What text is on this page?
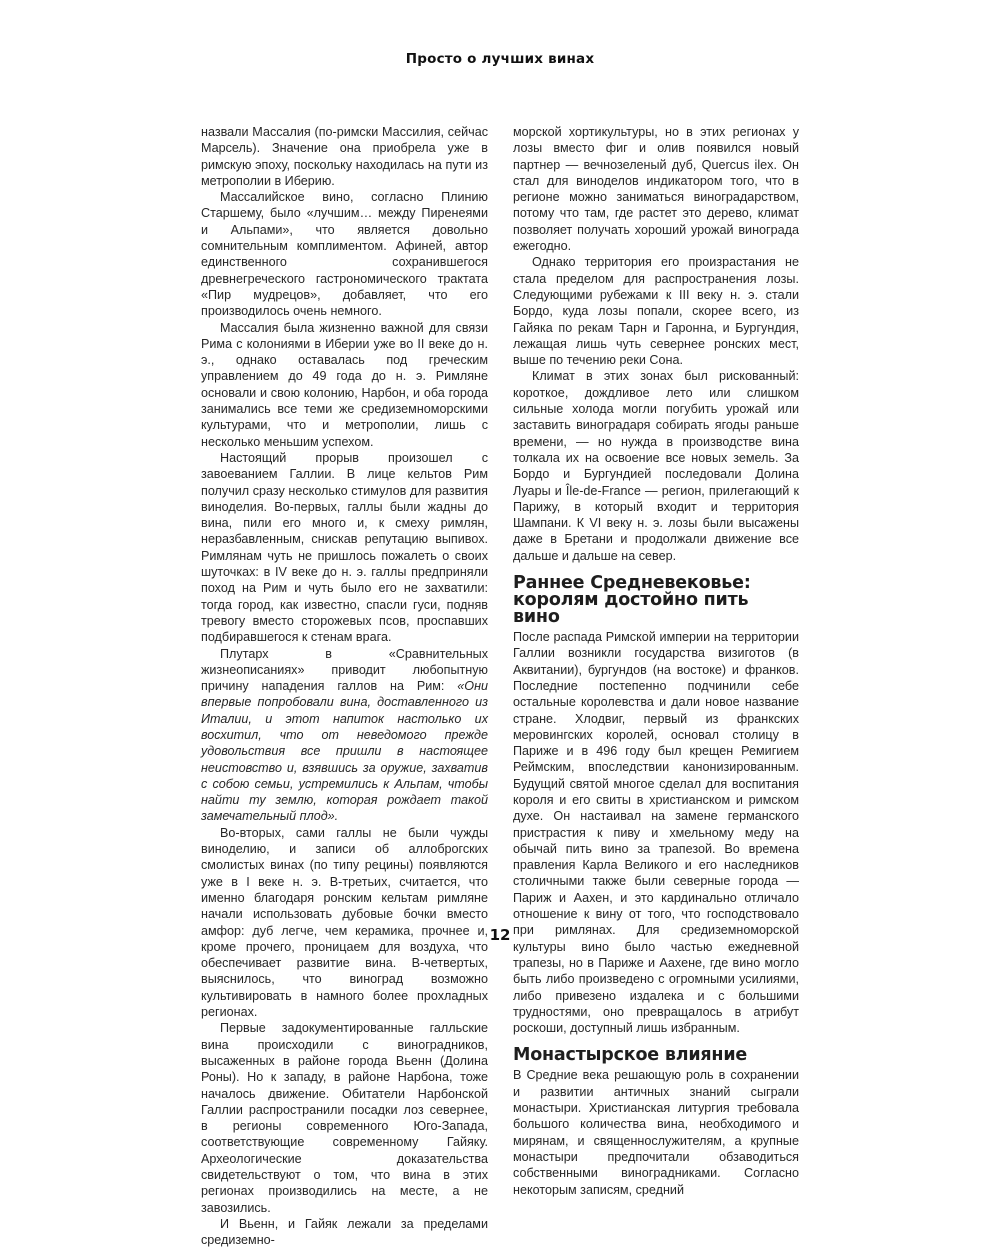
Просто о лучших винах

назвали Массалия (по-римски Массилия, сейчас Марсель). Значение она приобрела уже в римскую эпоху, поскольку находилась на пути из метрополии в Иберию.

Массалийское вино, согласно Плинию Старшему, было «лучшим… между Пиренеями и Альпами», что является довольно сомнительным комплиментом. Афиней, автор единственного сохранившегося древнегреческого гастрономического трактата «Пир мудрецов», добавляет, что его производилось очень немного.

Массалия была жизненно важной для связи Рима с колониями в Иберии уже во II веке до н. э., однако оставалась под греческим управлением до 49 года до н. э. Римляне основали и свою колонию, Нарбон, и оба города занимались все теми же средиземноморскими культурами, что и метрополии, лишь с несколько меньшим успехом.

Настоящий прорыв произошел с завоеванием Галлии. В лице кельтов Рим получил сразу несколько стимулов для развития виноделия. Во-первых, галлы были жадны до вина, пили его много и, к смеху римлян, неразбавленным, снискав репутацию выпивох. Римлянам чуть не пришлось пожалеть о своих шуточках: в IV веке до н. э. галлы предприняли поход на Рим и чуть было его не захватили: тогда город, как известно, спасли гуси, подняв тревогу вместо сторожевых псов, проспавших подбиравшегося к стенам врага.

Плутарх в «Сравнительных жизнеописаниях» приводит любопытную причину нападения галлов на Рим: «Они впервые попробовали вина, доставленного из Италии, и этот напиток настолько их восхитил, что от неведомого прежде удовольствия все пришли в настоящее неистовство и, взявшись за оружие, захватив с собою семьи, устремились к Альпам, чтобы найти ту землю, которая рождает такой замечательный плод».

Во-вторых, сами галлы не были чужды виноделию, и записи об аллоброгских смолистых винах (по типу рецины) появляются уже в I веке н. э. В-третьих, считается, что именно благодаря ронским кельтам римляне начали использовать дубовые бочки вместо амфор: дуб легче, чем керамика, прочнее и, кроме прочего, проницаем для воздуха, что обеспечивает развитие вина. В-четвертых, выяснилось, что виноград возможно культивировать в намного более прохладных регионах.

Первые задокументированные галльские вина происходили с виноградников, высаженных в районе города Вьенн (Долина Роны). Но к западу, в районе Нарбона, тоже началось движение. Обитатели Нарбонской Галлии распространили посадки лоз севернее, в регионы современного Юго-Запада, соответствующие современному Гайяку. Археологические доказательства свидетельствуют о том, что вина в этих регионах производились на месте, а не завозились.

И Вьенн, и Гайяк лежали за пределами средиземно-

морской хортикультуры, но в этих регионах у лозы вместо фиг и олив появился новый партнер — вечнозеленый дуб, Quercus ilex. Он стал для виноделов индикатором того, что в регионе можно заниматься виноградарством, потому что там, где растет это дерево, климат позволяет получать хороший урожай винограда ежегодно.

Однако территория его произрастания не стала пределом для распространения лозы. Следующими рубежами к III веку н. э. стали Бордо, куда лозы попали, скорее всего, из Гайяка по рекам Тарн и Гаронна, и Бургундия, лежащая лишь чуть севернее ронских мест, выше по течению реки Сона.

Климат в этих зонах был рискованный: короткое, дождливое лето или слишком сильные холода могли погубить урожай или заставить виноградаря собирать ягоды раньше времени, — но нужда в производстве вина толкала их на освоение все новых земель. За Бордо и Бургундией последовали Долина Луары и Île-de-France — регион, прилегающий к Парижу, в который входит и территория Шампани. К VI веку н. э. лозы были высажены даже в Бретани и продолжали движение все дальше и дальше на север.

Раннее Средневековье: королям достойно пить вино

После распада Римской империи на территории Галлии возникли государства визиготов (в Аквитании), бургундов (на востоке) и франков. Последние постепенно подчинили себе остальные королевства и дали новое название стране. Хлодвиг, первый из франкских меровингских королей, основал столицу в Париже и в 496 году был крещен Ремигием Реймским, впоследствии канонизированным. Будущий святой многое сделал для воспитания короля и его свиты в христианском и римском духе. Он настаивал на замене германского пристрастия к пиву и хмельному меду на обычай пить вино за трапезой. Во времена правления Карла Великого и его наследников столичными также были северные города — Париж и Аахен, и это кардинально отличало отношение к вину от того, что господствовало при римлянах. Для средиземноморской культуры вино было частью ежедневной трапезы, но в Париже и Аахене, где вино могло быть либо произведено с огромными усилиями, либо привезено издалека и с большими трудностями, оно превращалось в атрибут роскоши, доступный лишь избранным.

Монастырское влияние

В Средние века решающую роль в сохранении и развитии античных знаний сыграли монастыри. Христианская литургия требовала большого количества вина, необходимого и мирянам, и священнослужителям, а крупные монастыри предпочитали обзаводиться собственными виноградниками. Согласно некоторым записям, средний

12
